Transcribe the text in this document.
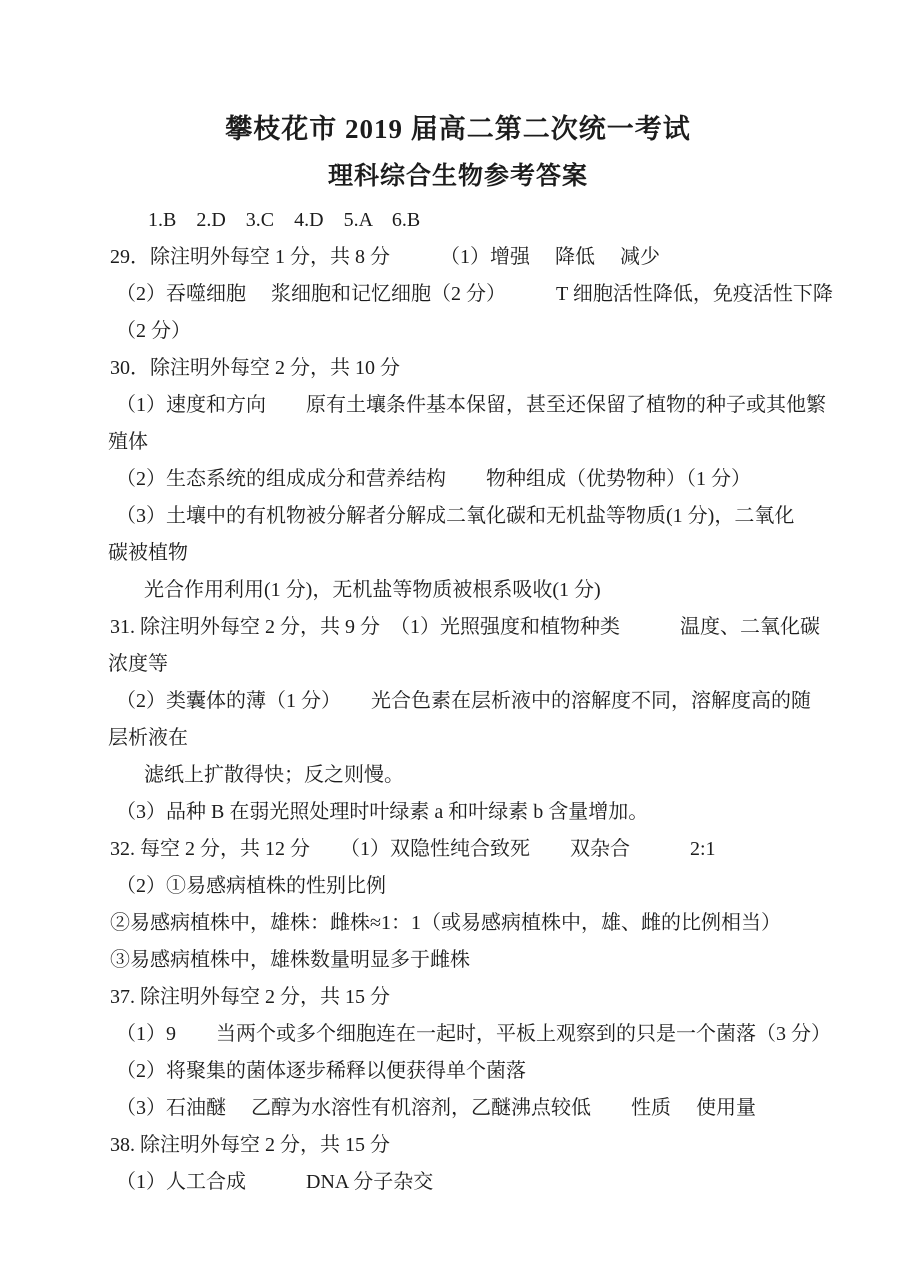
攀枝花市 2019 届高二第二次统一考试
理科综合生物参考答案
1.B　2.D　3.C　4.D　5.A　6.B
29．除注明外每空 1 分，共 8 分　　　（1）增强　 降低　 减少
（2）吞噬细胞　 浆细胞和记忆细胞（2 分）　　　T 细胞活性降低，免疫活性下降
（2 分）
30．除注明外每空 2 分，共 10 分
（1）速度和方向　　原有土壤条件基本保留，甚至还保留了植物的种子或其他繁
殖体
（2）生态系统的组成成分和营养结构　　物种组成（优势物种）（1 分）
（3）土壤中的有机物被分解者分解成二氧化碳和无机盐等物质(1 分)，二氧化
碳被植物
光合作用利用(1 分)，无机盐等物质被根系吸收(1 分)
31. 除注明外每空 2 分，共 9 分　（1）光照强度和植物种类　　　温度、二氧化碳
浓度等
（2）类囊体的薄（1 分）　　光合色素在层析液中的溶解度不同，溶解度高的随
层析液在
滤纸上扩散得快；反之则慢。
（3）品种 B 在弱光照处理时叶绿素 a 和叶绿素 b 含量增加。
32. 每空 2 分，共 12 分　　（1）双隐性纯合致死　　双杂合　　　2:1
（2）①易感病植株的性别比例
②易感病植株中，雄株：雌株≈1：1（或易感病植株中，雄、雌的比例相当）
③易感病植株中，雄株数量明显多于雌株
37. 除注明外每空 2 分，共 15 分
（1）9　　当两个或多个细胞连在一起时，平板上观察到的只是一个菌落（3 分）
（2）将聚集的菌体逐步稀释以便获得单个菌落
（3）石油醚　 乙醇为水溶性有机溶剂，乙醚沸点较低　　性质　 使用量
38. 除注明外每空 2 分，共 15 分
（1）人工合成　　　DNA 分子杂交
